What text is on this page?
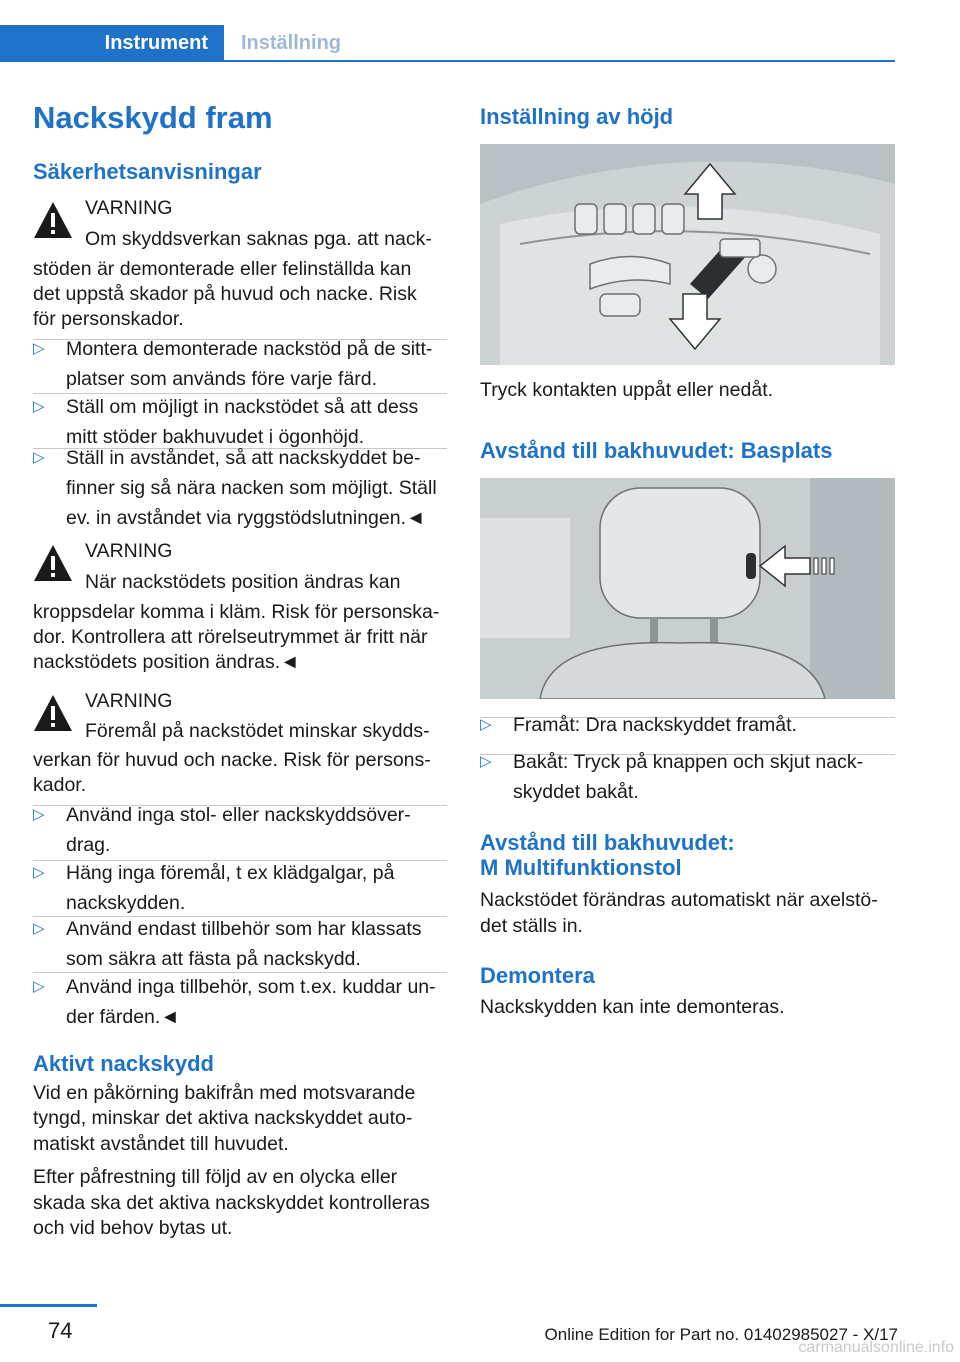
Instrument	Inställning
Nackskydd fram
Säkerhetsanvisningar
VARNING
Om skyddsverkan saknas pga. att nack-
stöden är demonterade eller felinställda kan
det uppstå skador på huvud och nacke. Risk
för personskador.
▷ Montera demonterade nackstöd på de sitt-
platser som används före varje färd.
▷ Ställ om möjligt in nackstödet så att dess
mitt stöder bakhuvudet i ögonhöjd.
▷ Ställ in avståndet, så att nackskyddet be-
finner sig så nära nacken som möjligt. Ställ
ev. in avståndet via ryggstödslutningen.◄
VARNING
När nackstödets position ändras kan
kroppsdelar komma i kläm. Risk för personska-
dor. Kontrollera att rörelseutrymmet är fritt när
nackstödets position ändras.◄
VARNING
Föremål på nackstödet minskar skydds-
verkan för huvud och nacke. Risk för persons-
kador.
▷ Använd inga stol- eller nackskyddsöver-
drag.
▷ Häng inga föremål, t ex klädgalgar, på
nackskydden.
▷ Använd endast tillbehör som har klassats
som säkra att fästa på nackskydd.
▷ Använd inga tillbehör, som t.ex. kuddar un-
der färden.◄
Aktivt nackskydd
Vid en påkörning bakifrån med motsvarande
tyngd, minskar det aktiva nackskyddet auto-
matiskt avståndet till huvudet.
Efter påfrestning till följd av en olycka eller
skada ska det aktiva nackskyddet kontrolleras
och vid behov bytas ut.
Inställning av höjd
Tryck kontakten uppåt eller nedåt.
Avstånd till bakhuvudet: Basplats
▷ Framåt: Dra nackskyddet framåt.
▷ Bakåt: Tryck på knappen och skjut nack-
skyddet bakåt.
Avstånd till bakhuvudet:
M Multifunktionstol
Nackstödet förändras automatiskt när axelstö-
det ställs in.
Demontera
Nackskydden kan inte demonteras.
74	Online Edition for Part no. 01402985027 - X/17
carmanualsonline.info
